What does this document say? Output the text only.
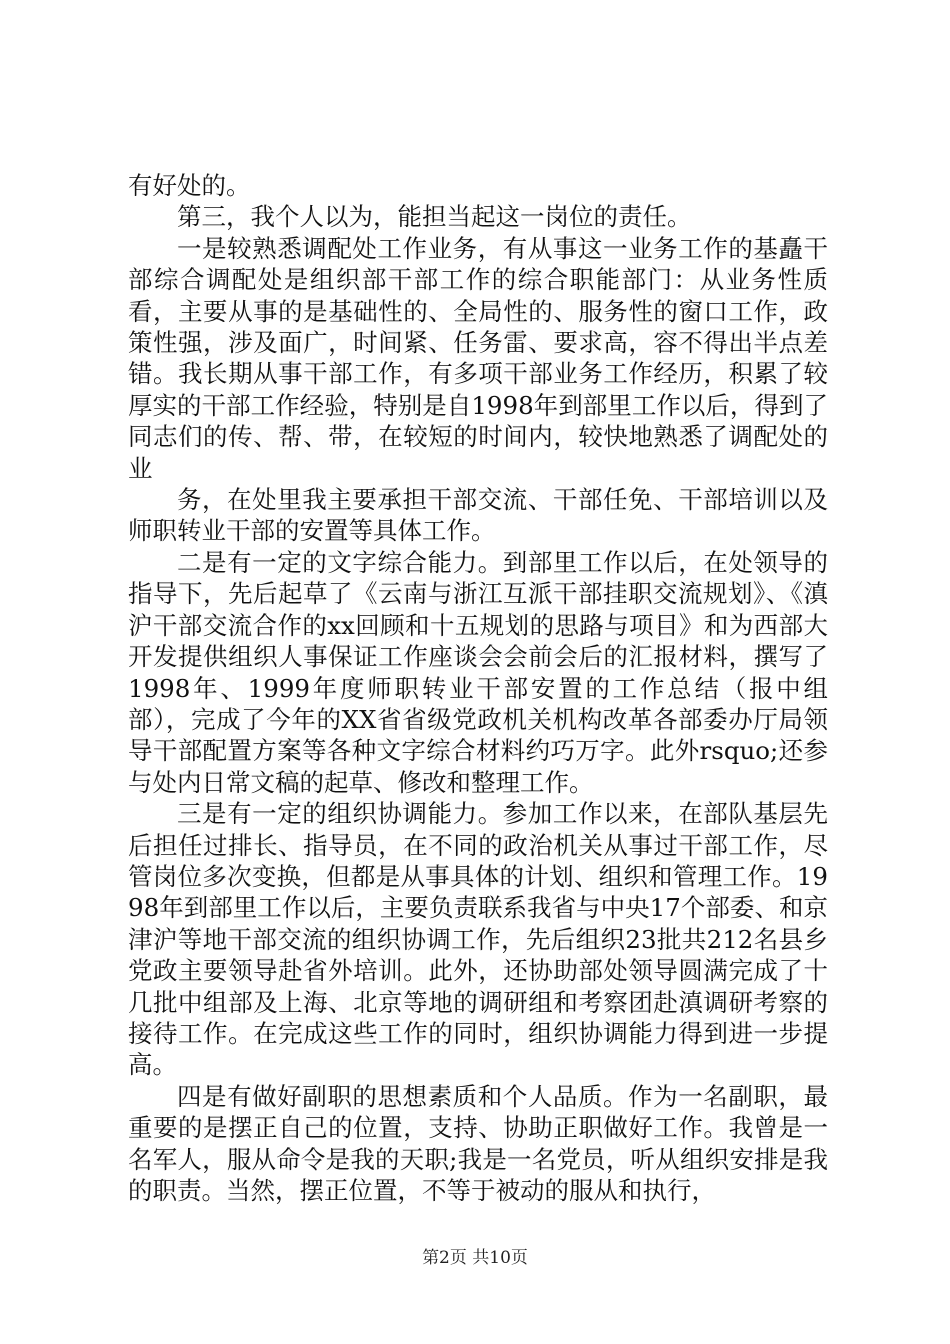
有好处的。

第三，我个人以为，能担当起这一岗位的责任。

一是较熟悉调配处工作业务，有从事这一业务工作的基矗干部综合调配处是组织部干部工作的综合职能部门：从业务性质看，主要从事的是基础性的、全局性的、服务性的窗口工作，政策性强，涉及面广，时间紧、任务雷、要求高，容不得出半点差错。我长期从事干部工作，有多项干部业务工作经历，积累了较厚实的干部工作经验，特别是自1998年到部里工作以后，得到了同志们的传、帮、带，在较短的时间内，较快地熟悉了调配处的业

务，在处里我主要承担干部交流、干部任免、干部培训以及师职转业干部的安置等具体工作。

二是有一定的文字综合能力。到部里工作以后，在处领导的指导下，先后起草了《云南与浙江互派干部挂职交流规划》、《滇沪干部交流合作的xx回顾和十五规划的思路与项目》和为西部大开发提供组织人事保证工作座谈会会前会后的汇报材料，撰写了1998年、1999年度师职转业干部安置的工作总结（报中组部），完成了今年的XX省省级党政机关机构改革各部委办厅局领导干部配置方案等各种文字综合材料约巧万字。此外rsquo;还参与处内日常文稿的起草、修改和整理工作。

三是有一定的组织协调能力。参加工作以来，在部队基层先后担任过排长、指导员，在不同的政治机关从事过干部工作，尽管岗位多次变换，但都是从事具体的计划、组织和管理工作。1998年到部里工作以后，主要负责联系我省与中央17个部委、和京津沪等地干部交流的组织协调工作，先后组织23批共212名县乡党政主要领导赴省外培训。此外，还协助部处领导圆满完成了十几批中组部及上海、北京等地的调研组和考察团赴滇调研考察的接待工作。在完成这些工作的同时，组织协调能力得到进一步提高。

四是有做好副职的思想素质和个人品质。作为一名副职，最重要的是摆正自己的位置，支持、协助正职做好工作。我曾是一名军人，服从命令是我的天职;我是一名党员，听从组织安排是我的职责。当然，摆正位置，不等于被动的服从和执行，

第2页 共10页
